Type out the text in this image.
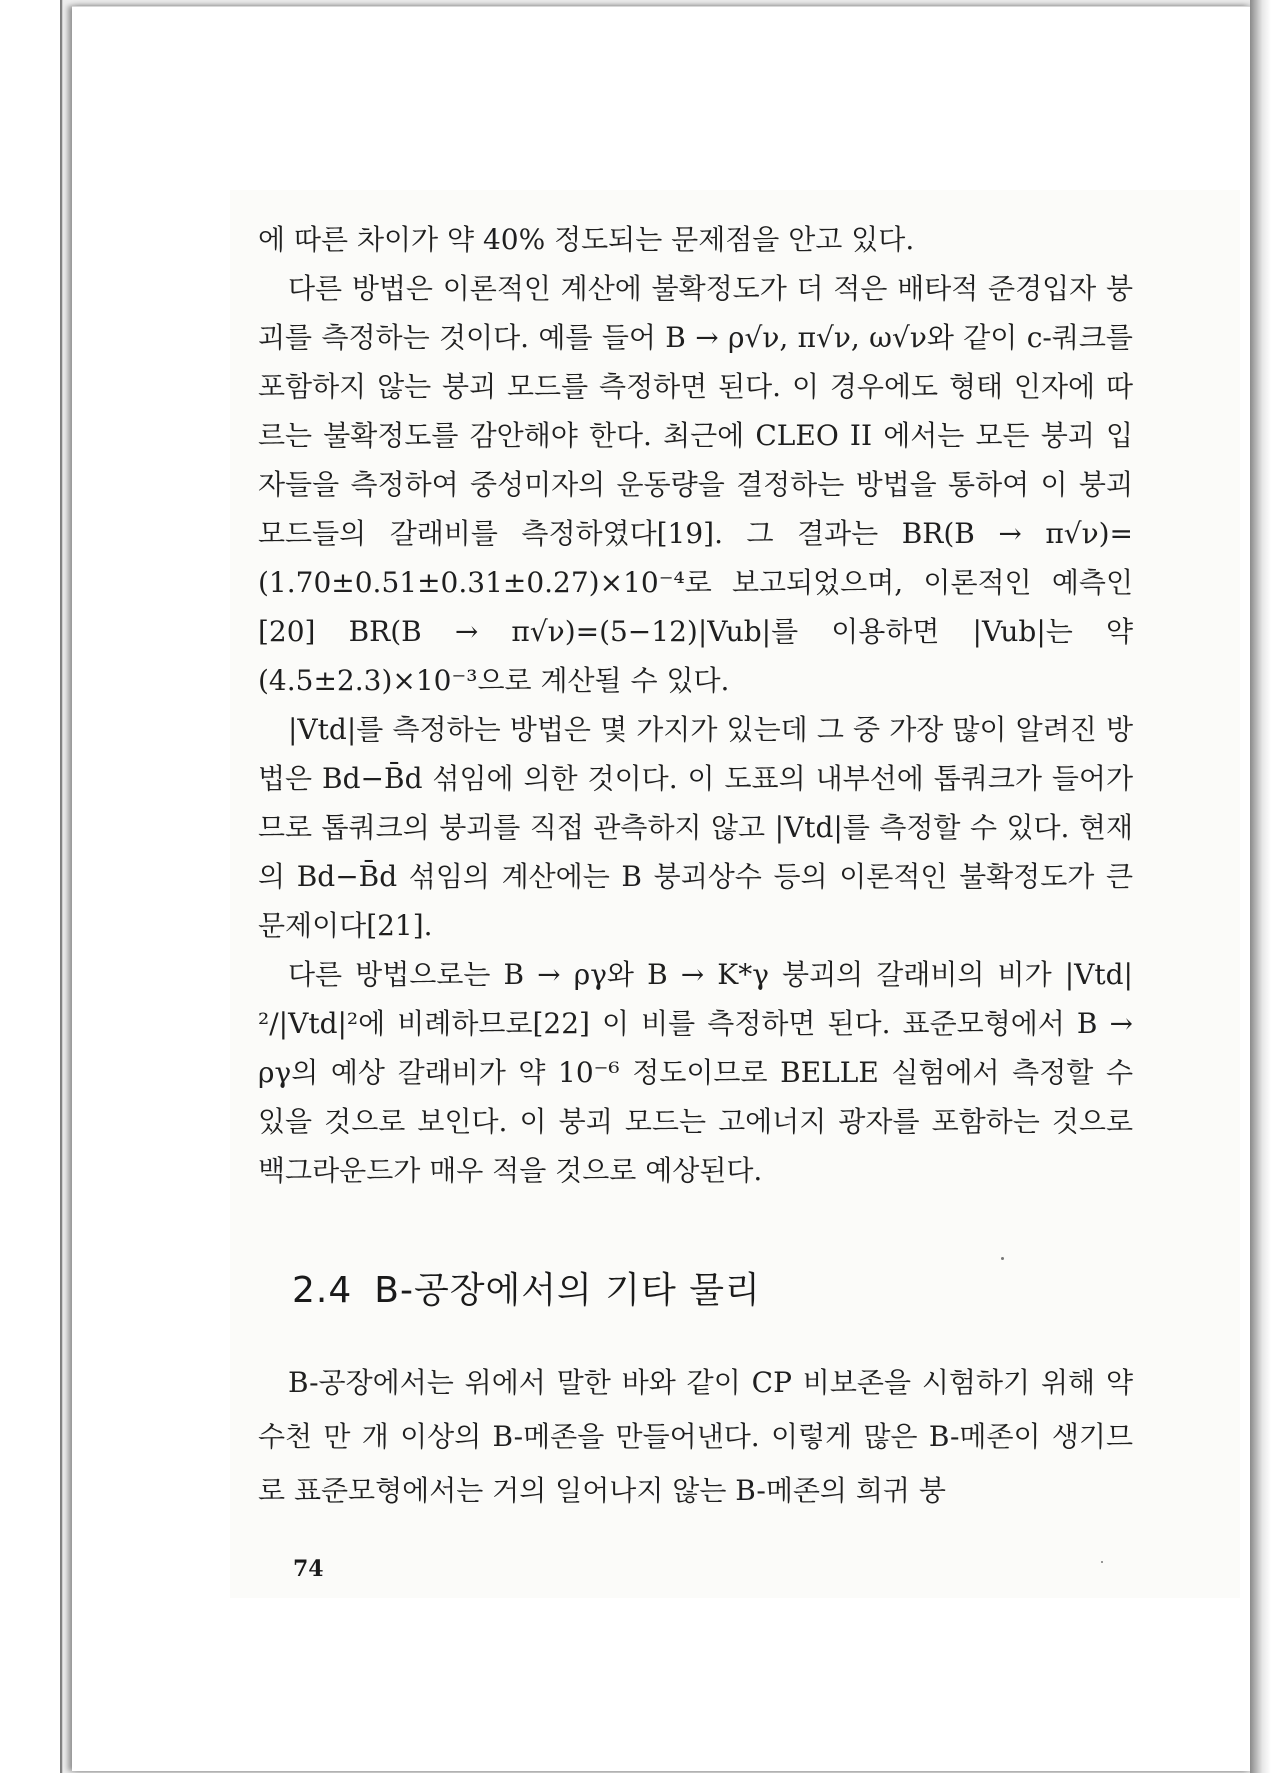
에 따른 차이가 약 40% 정도되는 문제점을 안고 있다.

다른 방법은 이론적인 계산에 불확정도가 더 적은 배타적 준경입자 붕괴를 측정하는 것이다. 예를 들어 B → ρ√ν, π√ν, ω√ν와 같이 c-쿼크를 포함하지 않는 붕괴 모드를 측정하면 된다. 이 경우에도 형태 인자에 따르는 불확정도를 감안해야 한다. 최근에 CLEO II 에서는 모든 붕괴 입자들을 측정하여 중성미자의 운동량을 결정하는 방법을 통하여 이 붕괴 모드들의 갈래비를 측정하였다[19]. 그 결과는 BR(B → π√ν)=(1.70±0.51±0.31±0.27)×10⁻⁴로 보고되었으며, 이론적인 예측인[20] BR(B → π√ν)=(5−12)|Vub|를 이용하면 |Vub|는 약 (4.5±2.3)×10⁻³으로 계산될 수 있다.

|Vtd|를 측정하는 방법은 몇 가지가 있는데 그 중 가장 많이 알려진 방법은 Bd−B̄d 섞임에 의한 것이다. 이 도표의 내부선에 톱쿼크가 들어가므로 톱쿼크의 붕괴를 직접 관측하지 않고 |Vtd|를 측정할 수 있다. 현재의 Bd−B̄d 섞임의 계산에는 B 붕괴상수 등의 이론적인 불확정도가 큰 문제이다[21].

다른 방법으로는 B → ργ와 B → K*γ 붕괴의 갈래비의 비가 |Vtd|²/|Vtd|²에 비례하므로[22] 이 비를 측정하면 된다. 표준모형에서 B → ργ의 예상 갈래비가 약 10⁻⁶ 정도이므로 BELLE 실험에서 측정할 수 있을 것으로 보인다. 이 붕괴 모드는 고에너지 광자를 포함하는 것으로 백그라운드가 매우 적을 것으로 예상된다.

2.4 B-공장에서의 기타 물리

B-공장에서는 위에서 말한 바와 같이 CP 비보존을 시험하기 위해 약 수천 만 개 이상의 B-메존을 만들어낸다. 이렇게 많은 B-메존이 생기므로 표준모형에서는 거의 일어나지 않는 B-메존의 희귀 붕

74
